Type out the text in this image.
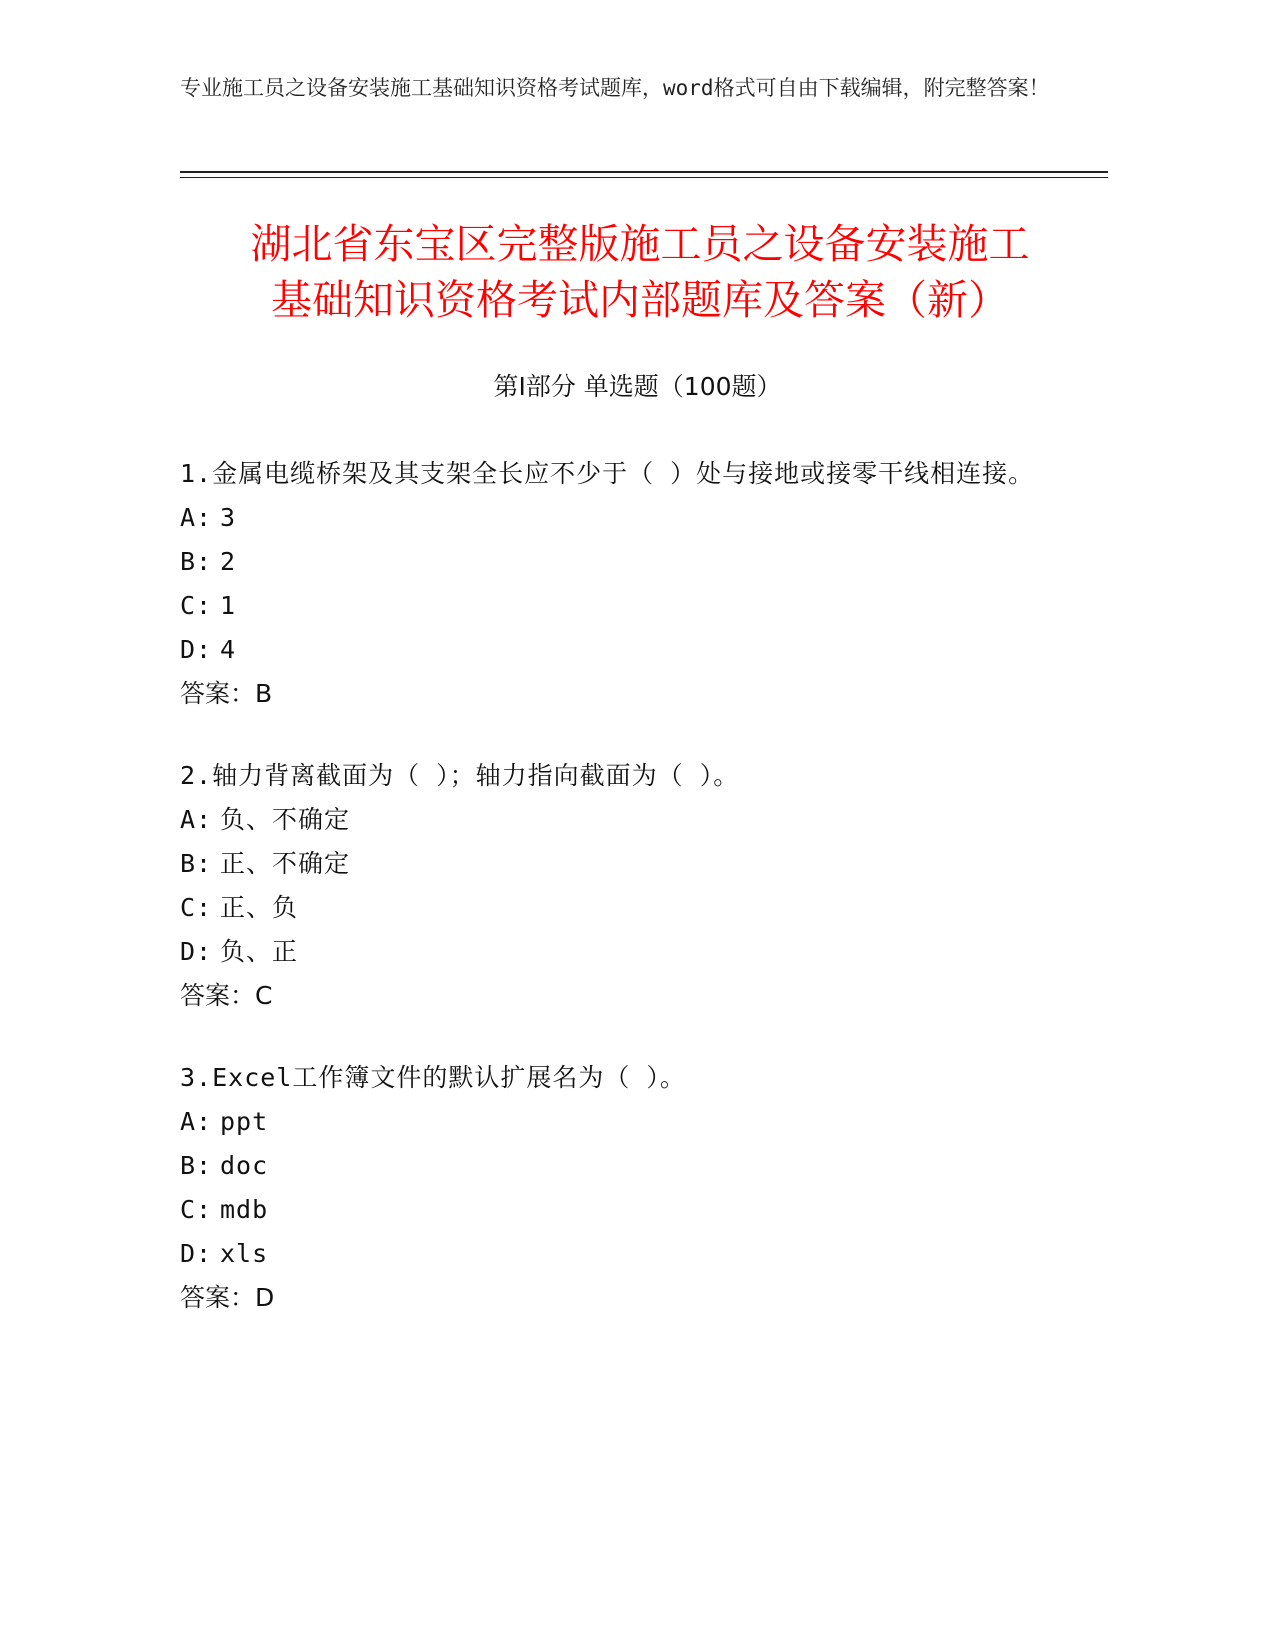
专业施工员之设备安装施工基础知识资格考试题库，word格式可自由下载编辑，附完整答案！
湖北省东宝区完整版施工员之设备安装施工
基础知识资格考试内部题库及答案（新）
第Ⅰ部分 单选题（100题）

1.金属电缆桥架及其支架全长应不少于（ ）处与接地或接零干线相连接。

A: 3

B: 2

C: 1

D: 4

答案：B

2.轴力背离截面为（ ）；轴力指向截面为（ ）。

A: 负、不确定

B: 正、不确定

C: 正、负

D: 负、正

答案：C

3.Excel工作簿文件的默认扩展名为（ ）。

A: ppt

B: doc

C: mdb

D: xls

答案：D
